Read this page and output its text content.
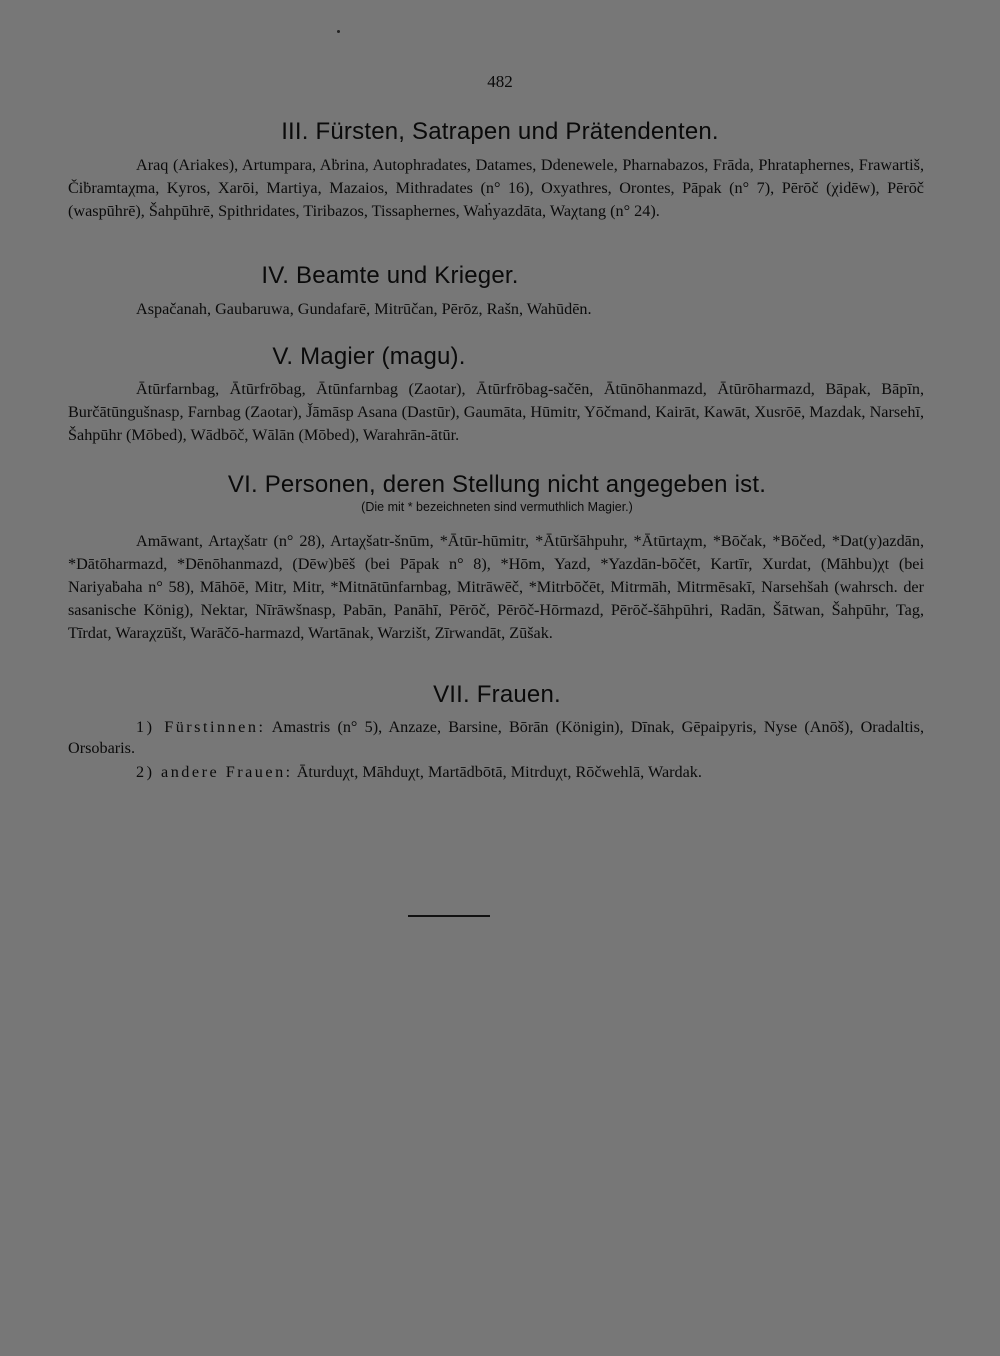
482
III. Fürsten, Satrapen und Prätendenten.

Araq (Ariakes), Artumpara, Aḃrina, Autophradates, Datames, Ddenewele, Pharnabazos, Frāda, Phrataphernes, Frawartiš, Čiḃramtaχma, Kyros, Xarōi, Martiya, Mazaios, Mithradates (n° 16), Oxyathres, Orontes, Pāpak (n° 7), Pērōč (χidēw), Pērōč (waspūhrē), Šahpūhrē, Spithridates, Tiribazos, Tissaphernes, Waḣyazdāta, Waχtang (n° 24).

IV. Beamte und Krieger.

Aspačanah, Gaubaruwa, Gundafarē, Mitrūčan, Pērōz, Rašn, Wahūdēn.

V. Magier (magu).

Ātūrfarnbag, Ātūrfrōbag, Ātūnfarnbag (Zaotar), Ātūrfrōbag-sačēn, Ātūnōhanmazd, Ātūrōharmazd, Bāpak, Bāpīn, Burčātūngušnasp, Farnbag (Zaotar), J̌āmāsp Asana (Dastūr), Gaumāta, Hūmitr, Yōčmand, Kairāt, Kawāt, Xusrōē, Mazdak, Narsehī, Šahpūhr (Mōbed), Wādbōč, Wālān (Mōbed), Warahrān-ātūr.

VI. Personen, deren Stellung nicht angegeben ist.
(Die mit * bezeichneten sind vermuthlich Magier.)

Amāwant, Artaχšatr (n° 28), Artaχšatr-šnūm, *Ātūr-hūmitr, *Ātūršāhpuhr, *Ātūrtaχm, *Bōčak, *Bōčed, *Dat(y)azdān, *Dātōharmazd, *Dēnōhanmazd, (Dēw)bēš (bei Pāpak n° 8), *Hōm, Yazd, *Yazdān-bōčēt, Kartīr, Xurdat, (Māhbu)χt (bei Nariyaḃaha n° 58), Māhōē, Mitr, Mitr, *Mitnātūnfarnbag, Mitrāwēč, *Mitrbōčēt, Mitrmāh, Mitrmēsakī, Narsehšah (wahrsch. der sasanische König), Nektar, Nīrāwšnasp, Pabān, Panāhī, Pērōč, Pērōč-Hōrmazd, Pērōč-šāhpūhri, Radān, Šātwan, Šahpūhr, Tag, Tīrdat, Waraχzūšt, Warāčō-harmazd, Wartānak, Warzišt, Zīrwandāt, Zūšak.

VII. Frauen.

1) Fürstinnen: Amastris (n° 5), Anzaze, Barsine, Bōrān (Königin), Dīnak, Gēpaipyris, Nyse (Anōš), Oradaltis, Orsobaris.

2) andere Frauen: Āturduχt, Māhduχt, Martādbōtā, Mitrduχt, Rōčwehlā, Wardak.
